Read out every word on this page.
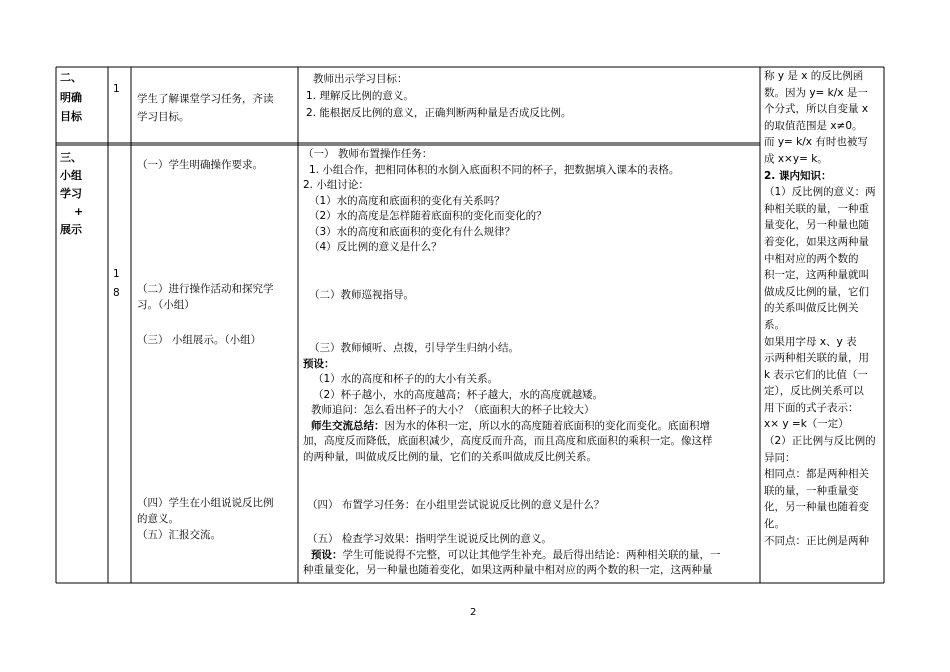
二、

明确

目标

1

学生了解课堂学习任务，齐读

学习目标。

教师出示学习目标：

1. 理解反比例的意义。

2. 能根据反比例的意义，正确判断两种量是否成反比例。

三、

小组

学习

+

展示

1

8

（一）学生明确操作要求。

（二）进行操作活动和探究学

习。（小组）

（三） 小组展示。（小组）

（四）学生在小组说说反比例

的意义。

（五）汇报交流。

（一） 教师布置操作任务：

1. 小组合作，把相同体积的水倒入底面积不同的杯子，把数据填入课本的表格。

2. 小组讨论：

（1）水的高度和底面积的变化有关系吗？

（2）水的高度是怎样随着底面积的变化而变化的？

（3）水的高度和底面积的变化有什么规律？

（4）反比例的意义是什么？

（二）教师巡视指导。

（三）教师倾听、点拨，引导学生归纳小结。

预设：

（1）水的高度和杯子的的大小有关系。

（2）杯子越小，水的高度越高；杯子越大，水的高度就越矮。

教师追问：怎么看出杯子的大小？（底面积大的杯子比较大）

师生交流总结：因为水的体积一定，所以水的高度随着底面积的变化而变化。底面积增

加，高度反而降低，底面积减少，高度反而升高，而且高度和底面积的乘积一定。像这样

的两种量，叫做成反比例的量，它们的关系叫做成反比例关系。

（四） 布置学习任务：在小组里尝试说说反比例的意义是什么？

（五） 检查学习效果：指明学生说说反比例的意义。

预设：学生可能说得不完整，可以让其他学生补充。最后得出结论：两种相关联的量，一

种重量变化，另一种量也随着变化，如果这两种量中相对应的两个数的积一定，这两种量

称 y 是 x 的反比例函

数。因为 y= k/x 是一

个分式，所以自变量 x

的取值范围是 x≠0。

而 y= k/x 有时也被写

成 x×y= k。

2. 课内知识：

（1）反比例的意义：两

种相关联的量，一种重

量变化，另一种量也随

着变化，如果这两种量

中相对应的两个数的

积一定，这两种量就叫

做成反比例的量，它们

的关系叫做反比例关

系。

如果用字母 x、y 表

示两种相关联的量，用

k 表示它们的比值（一

定），反比例关系可以

用下面的式子表示：

x× y =k（一定）

（2）正比例与反比例的

异同：

相同点：都是两种相关

联的量，一种重量变

化，另一种量也随着变

化。

不同点：正比例是两种

2
